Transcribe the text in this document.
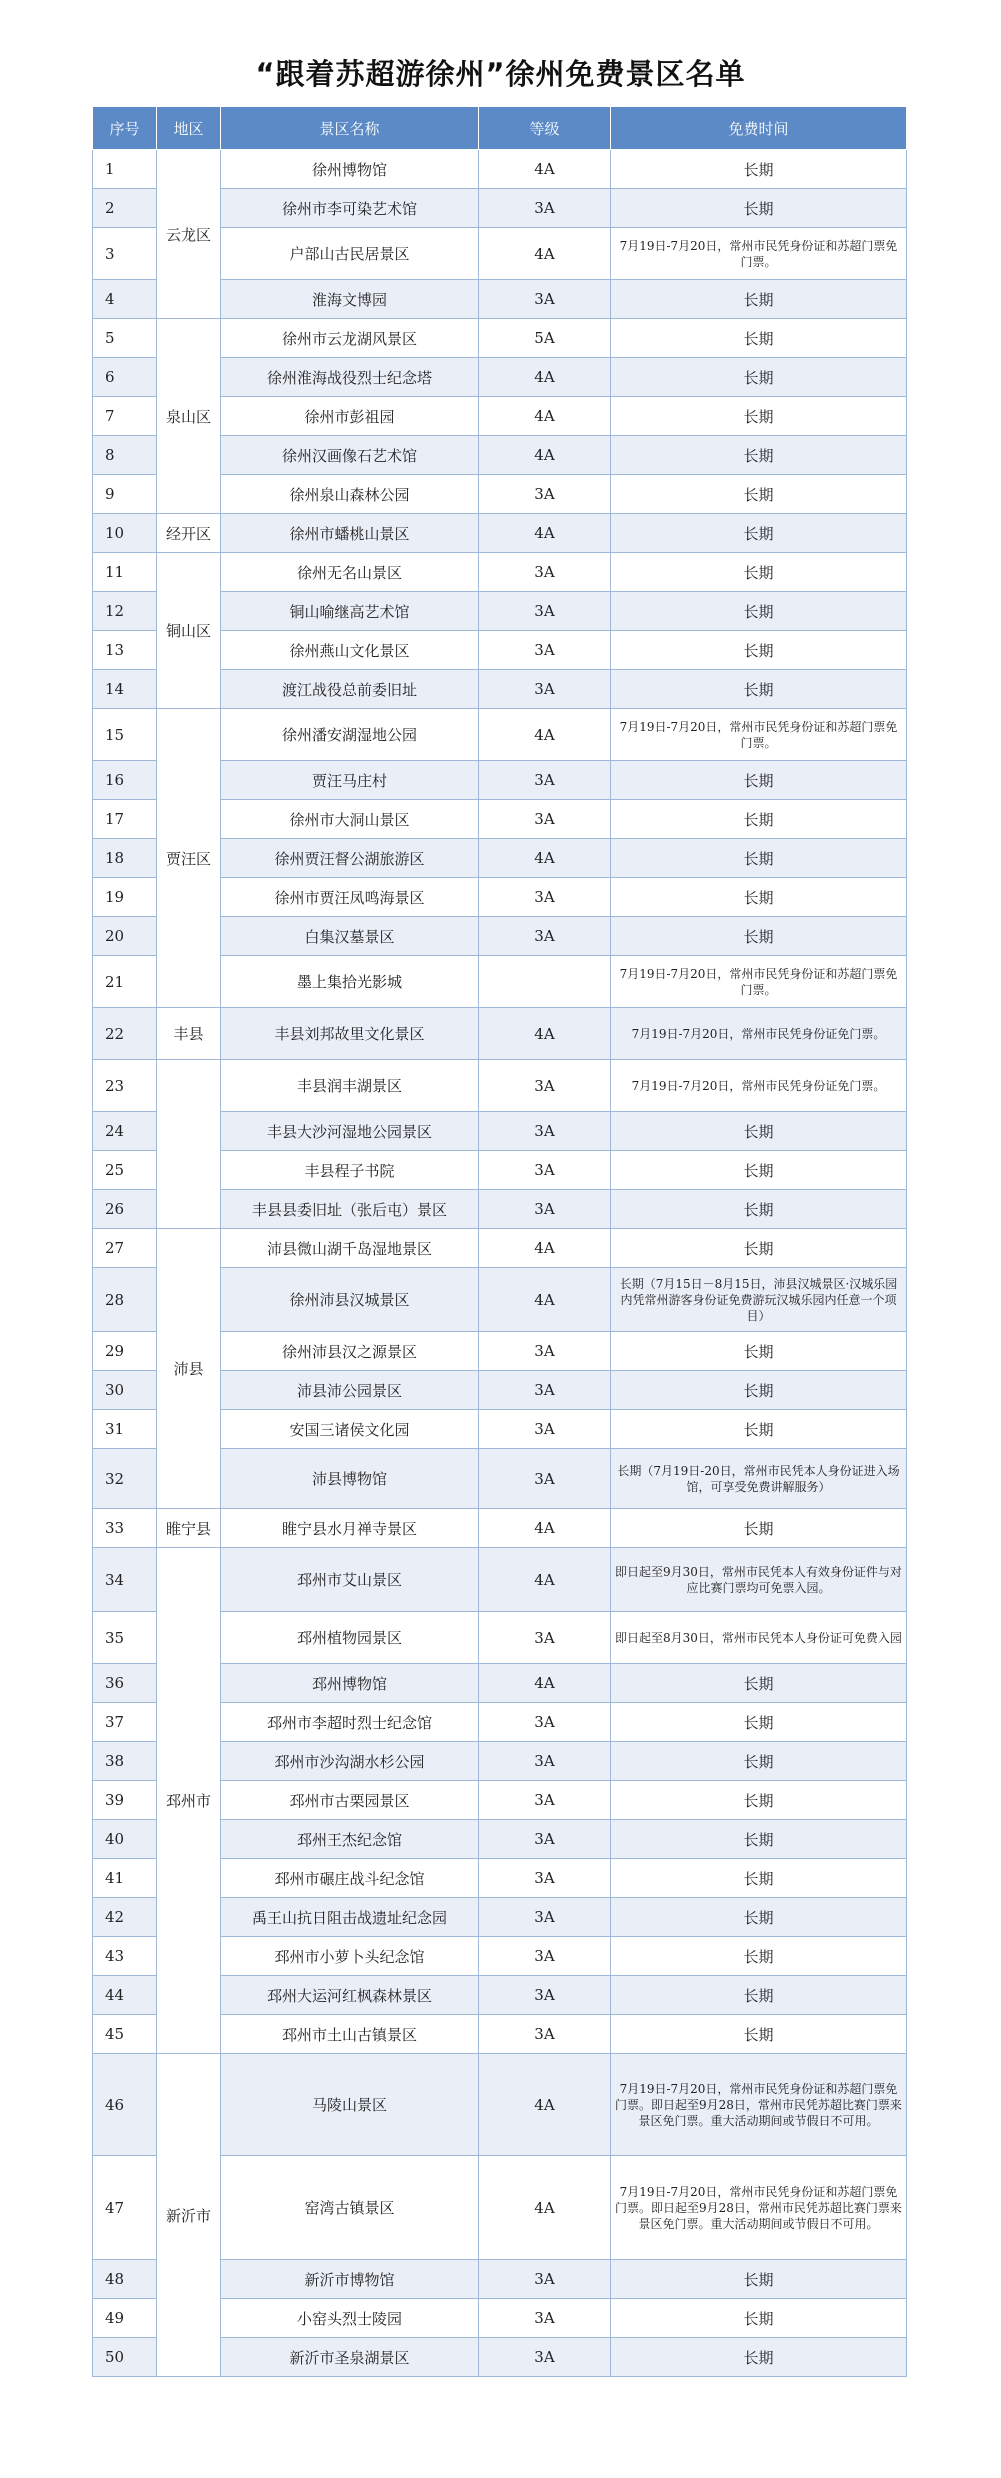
“跟着苏超游徐州”徐州免费景区名单
序号	地区	景区名称	等级	免费时间
1	云龙区	徐州博物馆	4A	长期
2		徐州市李可染艺术馆	3A	长期
3		户部山古民居景区	4A	7月19日-7月20日，常州市民凭身份证和苏超门票免门票。
4		淮海文博园	3A	长期
5	泉山区	徐州市云龙湖风景区	5A	长期
6		徐州淮海战役烈士纪念塔	4A	长期
7		徐州市彭祖园	4A	长期
8		徐州汉画像石艺术馆	4A	长期
9		徐州泉山森林公园	3A	长期
10	经开区	徐州市蟠桃山景区	4A	长期
11	铜山区	徐州无名山景区	3A	长期
12		铜山喻继高艺术馆	3A	长期
13		徐州燕山文化景区	3A	长期
14		渡江战役总前委旧址	3A	长期
15	贾汪区	徐州潘安湖湿地公园	4A	7月19日-7月20日，常州市民凭身份证和苏超门票免门票。
16		贾汪马庄村	3A	长期
17		徐州市大洞山景区	3A	长期
18		徐州贾汪督公湖旅游区	4A	长期
19		徐州市贾汪凤鸣海景区	3A	长期
20		白集汉墓景区	3A	长期
21		墨上集拾光影城		7月19日-7月20日，常州市民凭身份证和苏超门票免门票。
22	丰县	丰县刘邦故里文化景区	4A	7月19日-7月20日，常州市民凭身份证免门票。
23		丰县润丰湖景区	3A	7月19日-7月20日，常州市民凭身份证免门票。
24		丰县大沙河湿地公园景区	3A	长期
25		丰县程子书院	3A	长期
26		丰县县委旧址（张后屯）景区	3A	长期
27	沛县	沛县微山湖千岛湿地景区	4A	长期
28		徐州沛县汉城景区	4A	长期（7月15日－8月15日，沛县汉城景区·汉城乐园内凭常州游客身份证免费游玩汉城乐园内任意一个项目）
29		徐州沛县汉之源景区	3A	长期
30		沛县沛公园景区	3A	长期
31		安国三诸侯文化园	3A	长期
32		沛县博物馆	3A	长期（7月19日-20日，常州市民凭本人身份证进入场馆，可享受免费讲解服务）
33	睢宁县	睢宁县水月禅寺景区	4A	长期
34	邳州市	邳州市艾山景区	4A	即日起至9月30日，常州市民凭本人有效身份证件与对应比赛门票均可免票入园。
35		邳州植物园景区	3A	即日起至8月30日，常州市民凭本人身份证可免费入园
36		邳州博物馆	4A	长期
37		邳州市李超时烈士纪念馆	3A	长期
38		邳州市沙沟湖水杉公园	3A	长期
39		邳州市古栗园景区	3A	长期
40		邳州王杰纪念馆	3A	长期
41		邳州市碾庄战斗纪念馆	3A	长期
42		禹王山抗日阻击战遗址纪念园	3A	长期
43		邳州市小萝卜头纪念馆	3A	长期
44		邳州大运河红枫森林景区	3A	长期
45		邳州市土山古镇景区	3A	长期
46	新沂市	马陵山景区	4A	7月19日-7月20日，常州市民凭身份证和苏超门票免门票。即日起至9月28日，常州市民凭苏超比赛门票来景区免门票。重大活动期间或节假日不可用。
47		窑湾古镇景区	4A	7月19日-7月20日，常州市民凭身份证和苏超门票免门票。即日起至9月28日，常州市民凭苏超比赛门票来景区免门票。重大活动期间或节假日不可用。
48		新沂市博物馆	3A	长期
49		小窑头烈士陵园	3A	长期
50		新沂市圣泉湖景区	3A	长期
